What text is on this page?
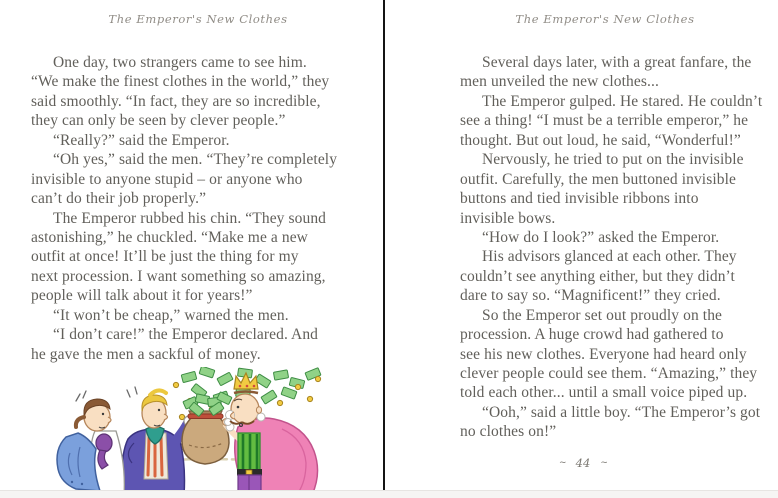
The Emperor's New Clothes
One day, two strangers came to see him.
“We make the finest clothes in the world,” they
said smoothly. “In fact, they are so incredible,
they can only be seen by clever people.”
“Really?” said the Emperor.
“Oh yes,” said the men. “They’re completely
invisible to anyone stupid – or anyone who
can’t do their job properly.”
The Emperor rubbed his chin. “They sound
astonishing,” he chuckled. “Make me a new
outfit at once! It’ll be just the thing for my
next procession. I want something so amazing,
people will talk about it for years!”
“It won’t be cheap,” warned the men.
“I don’t care!” the Emperor declared. And
he gave the men a sackful of money.
The Emperor's New Clothes
Several days later, with a great fanfare, the
men unveiled the new clothes...
The Emperor gulped. He stared. He couldn’t
see a thing! “I must be a terrible emperor,” he
thought. But out loud, he said, “Wonderful!”
Nervously, he tried to put on the invisible
outfit. Carefully, the men buttoned invisible
buttons and tied invisible ribbons into
invisible bows.
“How do I look?” asked the Emperor.
His advisors glanced at each other. They
couldn’t see anything either, but they didn’t
dare to say so. “Magnificent!” they cried.
So the Emperor set out proudly on the
procession. A huge crowd had gathered to
see his new clothes. Everyone had heard only
clever people could see them. “Amazing,” they
told each other... until a small voice piped up.
“Ooh,” said a little boy. “The Emperor’s got
no clothes on!”
~ 44 ~
